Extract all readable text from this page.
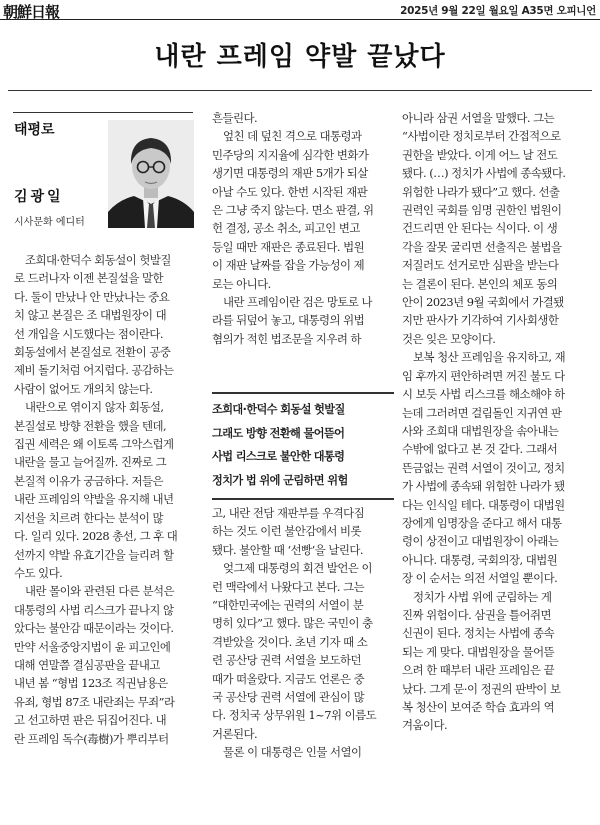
朝鮮日報	2025년 9월 22일 월요일 A35면 오피니언
내란 프레임 약발 끝났다
태평로
김광일
시사문화 에디터

조희대·한덕수 회동설이 헛발질

로 드러나자 이젠 본질설을 말한

다. 둘이 만났나 안 만났나는 중요

치 않고 본질은 조 대법원장이 대

선 개입을 시도했다는 점이란다.

회동설에서 본질설로 전환이 공중

제비 돌기처럼 어지럽다. 공감하는

사람이 없어도 개의치 않는다.

내란으로 엮이지 않자 회동설,

본질설로 방향 전환을 했을 텐데,

집권 세력은 왜 이토록 그악스럽게

내란을 물고 늘어질까. 진짜로 그

본질적 이유가 궁금하다. 저들은

내란 프레임의 약발을 유지해 내년

지선을 치르려 한다는 분석이 많

다. 일리 있다. 2028 총선, 그 후 대

선까지 약발 유효기간을 늘리려 할

수도 있다.

내란 몰이와 관련된 다른 분석은

대통령의 사법 리스크가 끝나지 않

았다는 불안감 때문이라는 것이다.

만약 서울중앙지법이 윤 피고인에

대해 연말쯤 결심공판을 끝내고

내년 봄 “형법 123조 직권남용은

유죄, 형법 87조 내란죄는 무죄”라

고 선고하면 판은 뒤집어진다. 내

란 프레임 독수(毒樹)가 뿌리부터

흔들린다.

엎친 데 덮친 격으로 대통령과

민주당의 지지율에 심각한 변화가

생기면 대통령의 재판 5개가 되살

아날 수도 있다. 한번 시작된 재판

은 그냥 죽지 않는다. 면소 판결, 위

헌 결정, 공소 취소, 피고인 변고

등일 때만 재판은 종료된다. 법원

이 재판 날짜를 잡을 가능성이 제

로는 아니다.

내란 프레임이란 검은 망토로 나

라를 뒤덮어 놓고, 대통령의 위법

혐의가 적힌 법조문을 지우려 하

조희대·한덕수 회동설 헛발질

그래도 방향 전환해 물어뜯어

사법 리스크로 불안한 대통령

정치가 법 위에 군림하면 위험

고, 내란 전담 재판부를 우격다짐

하는 것도 이런 불안감에서 비롯

됐다. 불안할 때 ‘선빵’을 날린다.

엊그제 대통령의 회견 발언은 이

런 맥락에서 나왔다고 본다. 그는

“대한민국에는 권력의 서열이 분

명히 있다”고 했다. 많은 국민이 충

격받았을 것이다. 초년 기자 때 소

련 공산당 권력 서열을 보도하던

때가 떠올랐다. 지금도 언론은 중

국 공산당 권력 서열에 관심이 많

다. 정치국 상무위원 1~7위 이름도

거론된다.

물론 이 대통령은 인물 서열이

아니라 삼권 서열을 말했다. 그는

“사법이란 정치로부터 간접적으로

권한을 받았다. 이게 어느 날 전도

됐다. (…) 정치가 사법에 종속됐다.

위험한 나라가 됐다”고 했다. 선출

권력인 국회를 임명 권한인 법원이

건드리면 안 된다는 식이다. 이 생

각을 잘못 굴리면 선출직은 불법을

저질러도 선거로만 심판을 받는다

는 결론이 된다. 본인의 체포 동의

안이 2023년 9월 국회에서 가결됐

지만 판사가 기각하여 기사회생한

것은 잊은 모양이다.

보복 청산 프레임을 유지하고, 재

임 후까지 편안하려면 꺼진 불도 다

시 보듯 사법 리스크를 해소해야 하

는데 그러려면 걸림돌인 지귀연 판

사와 조희대 대법원장을 솎아내는

수밖에 없다고 본 것 같다. 그래서

뜬금없는 권력 서열이 것이고, 정치

가 사법에 종속돼 위험한 나라가 됐

다는 인식일 테다. 대통령이 대법원

장에게 임명장을 준다고 해서 대통

령이 상전이고 대법원장이 아래는

아니다. 대통령, 국회의장, 대법원

장 이 순서는 의전 서열일 뿐이다.

정치가 사법 위에 군림하는 게

진짜 위험이다. 삼권을 틀어쥐면

신권이 된다. 정치는 사법에 종속

되는 게 맞다. 대법원장을 물어뜯

으려 한 때부터 내란 프레임은 끝

났다. 그게 문·이 정권의 판박이 보

복 청산이 보여준 학습 효과의 역

겨움이다.
